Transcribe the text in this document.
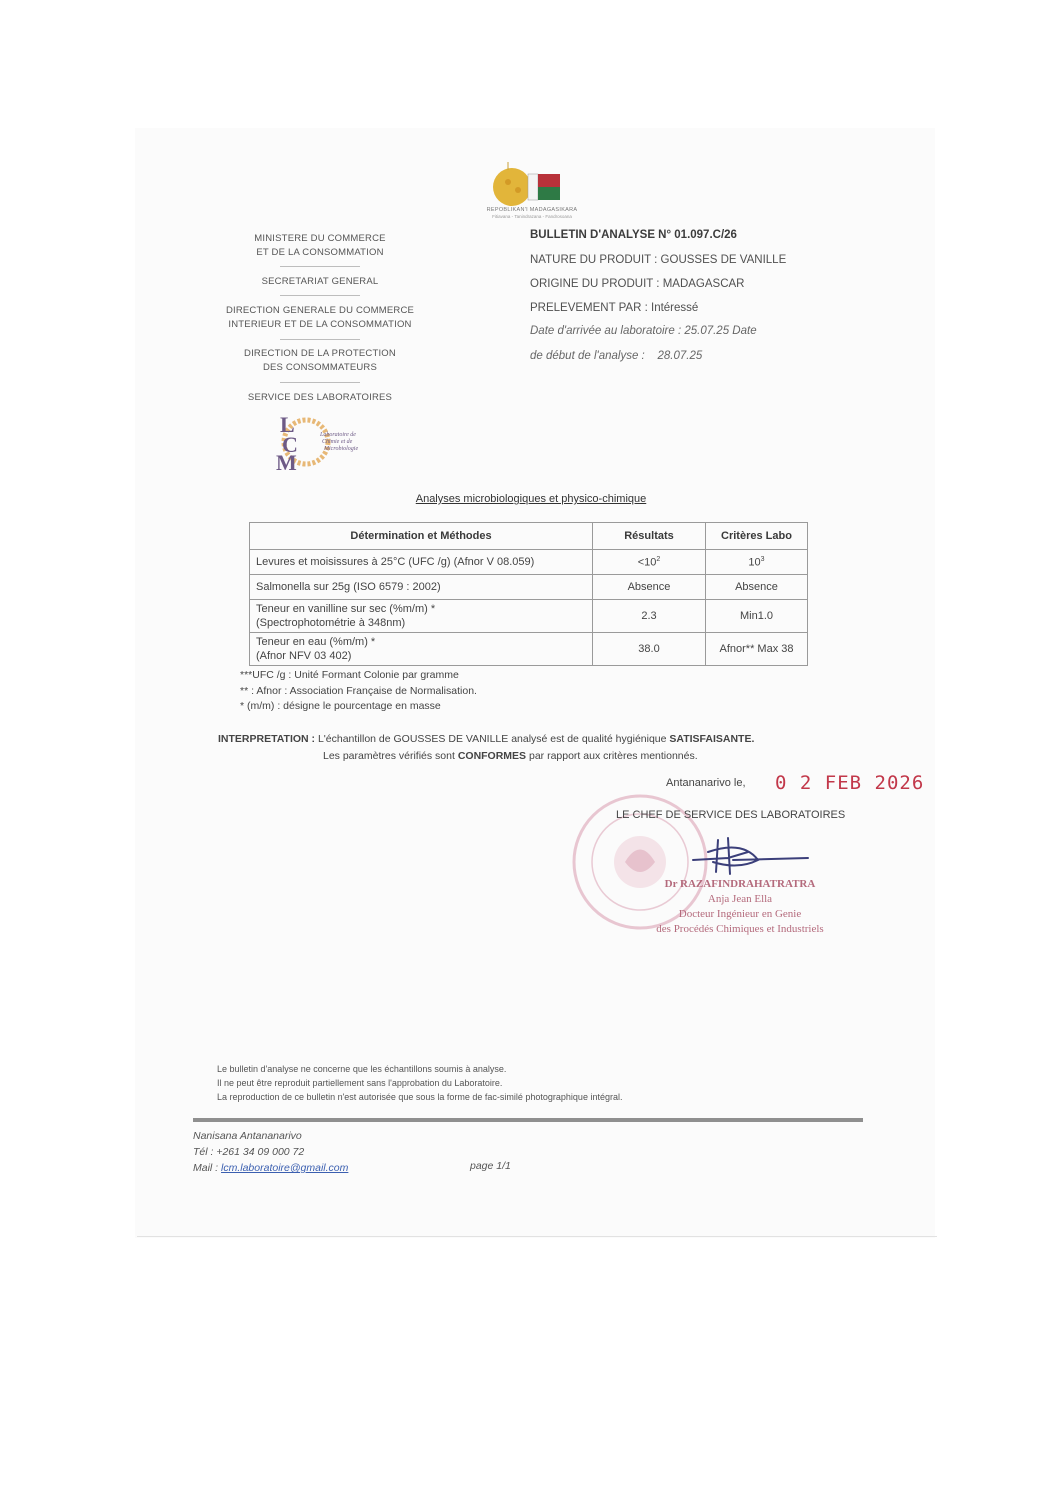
REPOBLIKAN'I MADAGASIKARA
Fitiavana - Tanindrazana - Fandrosoana
MINISTERE DU COMMERCE
ET DE LA CONSOMMATION
SECRETARIAT GENERAL
DIRECTION GENERALE DU COMMERCE
INTERIEUR ET DE LA CONSOMMATION
DIRECTION DE LA PROTECTION
DES CONSOMMATEURS
SERVICE DES LABORATOIRES
L
C
M
Laboratoire de
Chimie et de
Microbiologie
BULLETIN D'ANALYSE N° 01.097.C/26
NATURE DU PRODUIT : GOUSSES DE VANILLE
ORIGINE DU PRODUIT : MADAGASCAR
PRELEVEMENT PAR : Intéressé
Date d'arrivée au laboratoire : 25.07.25 Date
de début de l'analyse :    28.07.25
Analyses microbiologiques et physico-chimique
Détermination et Méthodes	Résultats	Critères Labo
Levures et moisissures à 25°C (UFC /g) (Afnor V 08.059)	$<10^2$	$10^3$
Salmonella sur 25g (ISO 6579 : 2002)	Absence	Absence

Teneur en vanilline sur sec (%m/m) *
(Spectrophotométrie à 348nm)	2.3	Min1.0

Teneur en eau (%m/m) *
(Afnor NFV 03 402)	38.0	Afnor** Max 38
***UFC /g : Unité Formant Colonie par gramme
** : Afnor : Association Française de Normalisation.
* (m/m) : désigne le pourcentage en masse
INTERPRETATION : L'échantillon de GOUSSES DE VANILLE analysé est de qualité hygiénique SATISFAISANTE.
Les paramètres vérifiés sont CONFORMES par rapport aux critères mentionnés.
Antananarivo le, 0 2 FEB 2026
LE CHEF DE SERVICE DES LABORATOIRES
Dr RAZAFINDRAHATRATRA
Anja Jean Ella
Docteur Ingénieur en Genie
des Procédés Chimiques et Industriels
Le bulletin d'analyse ne concerne que les échantillons soumis à analyse.
Il ne peut être reproduit partiellement sans l'approbation du Laboratoire.
La reproduction de ce bulletin n'est autorisée que sous la forme de fac-similé photographique intégral.
Nanisana Antananarivo
Tél : +261 34 09 000 72
Mail : lcm.laboratoire@gmail.com	page 1/1
